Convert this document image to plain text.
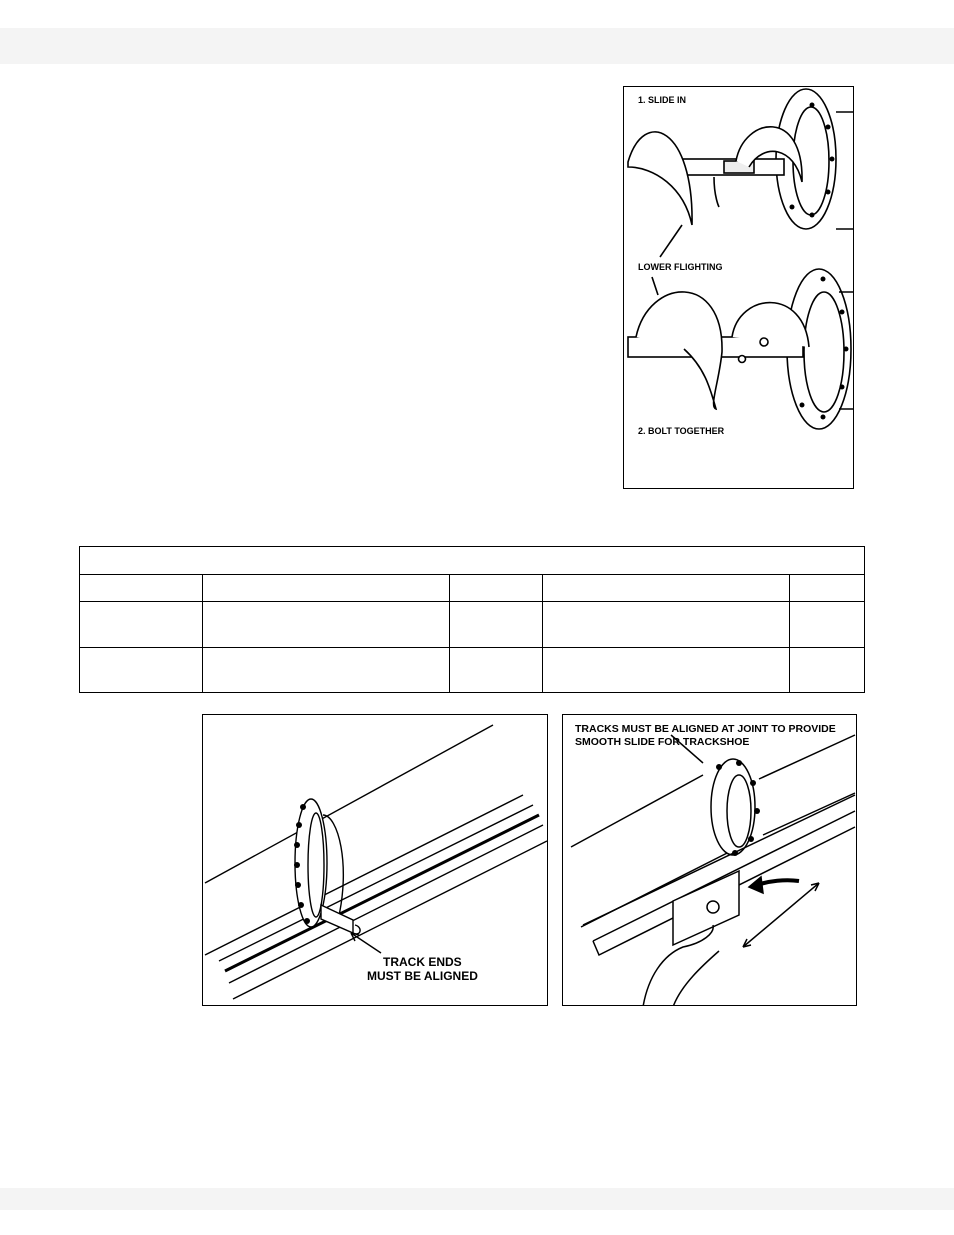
1. SLIDE IN
LOWER FLIGHTING
2. BOLT TOGETHER

TRACK ENDS
MUST BE ALIGNED
TRACKS MUST BE ALIGNED AT JOINT TO PROVIDE
SMOOTH SLIDE FOR TRACKSHOE
